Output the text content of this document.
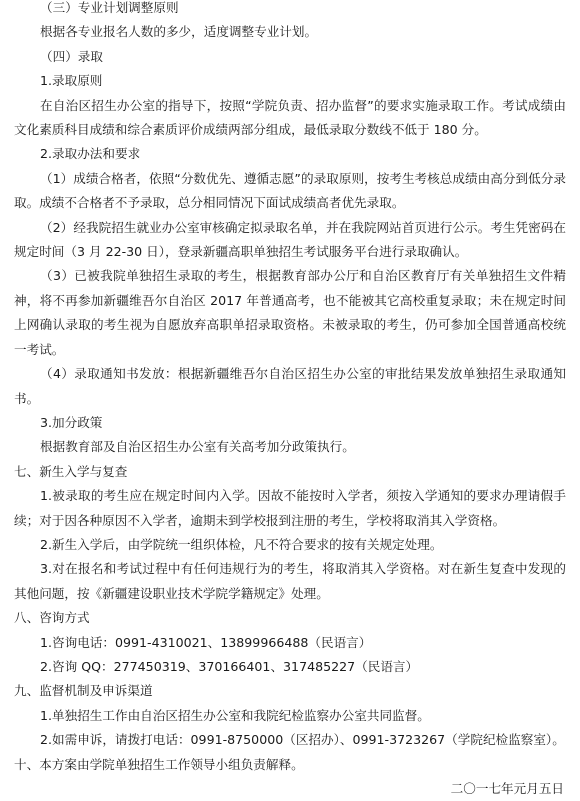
（三）专业计划调整原则
根据各专业报名人数的多少，适度调整专业计划。
（四）录取
1.录取原则
在自治区招生办公室的指导下，按照“学院负责、招办监督”的要求实施录取工作。考试成绩由文化素质科目成绩和综合素质评价成绩两部分组成，最低录取分数线不低于 180 分。
2.录取办法和要求
（1）成绩合格者，依照“分数优先、遵循志愿”的录取原则，按考生考核总成绩由高分到低分录取。成绩不合格者不予录取，总分相同情况下面试成绩高者优先录取。
（2）经我院招生就业办公室审核确定拟录取名单，并在我院网站首页进行公示。考生凭密码在规定时间（3 月 22-30 日），登录新疆高职单独招生考试服务平台进行录取确认。
（3）已被我院单独招生录取的考生，根据教育部办公厅和自治区教育厅有关单独招生文件精神，将不再参加新疆维吾尔自治区 2017 年普通高考，也不能被其它高校重复录取；未在规定时间上网确认录取的考生视为自愿放弃高职单招录取资格。未被录取的考生，仍可参加全国普通高校统一考试。
（4）录取通知书发放：根据新疆维吾尔自治区招生办公室的审批结果发放单独招生录取通知书。
3.加分政策
根据教育部及自治区招生办公室有关高考加分政策执行。
七、新生入学与复查
1.被录取的考生应在规定时间内入学。因故不能按时入学者，须按入学通知的要求办理请假手续；对于因各种原因不入学者，逾期未到学校报到注册的考生，学校将取消其入学资格。
2.新生入学后，由学院统一组织体检，凡不符合要求的按有关规定处理。
3.对在报名和考试过程中有任何违规行为的考生，将取消其入学资格。对在新生复查中发现的其他问题，按《新疆建设职业技术学院学籍规定》处理。
八、咨询方式
1.咨询电话：0991-4310021、13899966488（民语言）
2.咨询 QQ：277450319、370166401、317485227（民语言）
九、监督机制及申诉渠道
1.单独招生工作由自治区招生办公室和我院纪检监察办公室共同监督。
2.如需申诉，请拨打电话：0991-8750000（区招办）、0991-3723267（学院纪检监察室）。
十、本方案由学院单独招生工作领导小组负责解释。
二〇一七年元月五日
